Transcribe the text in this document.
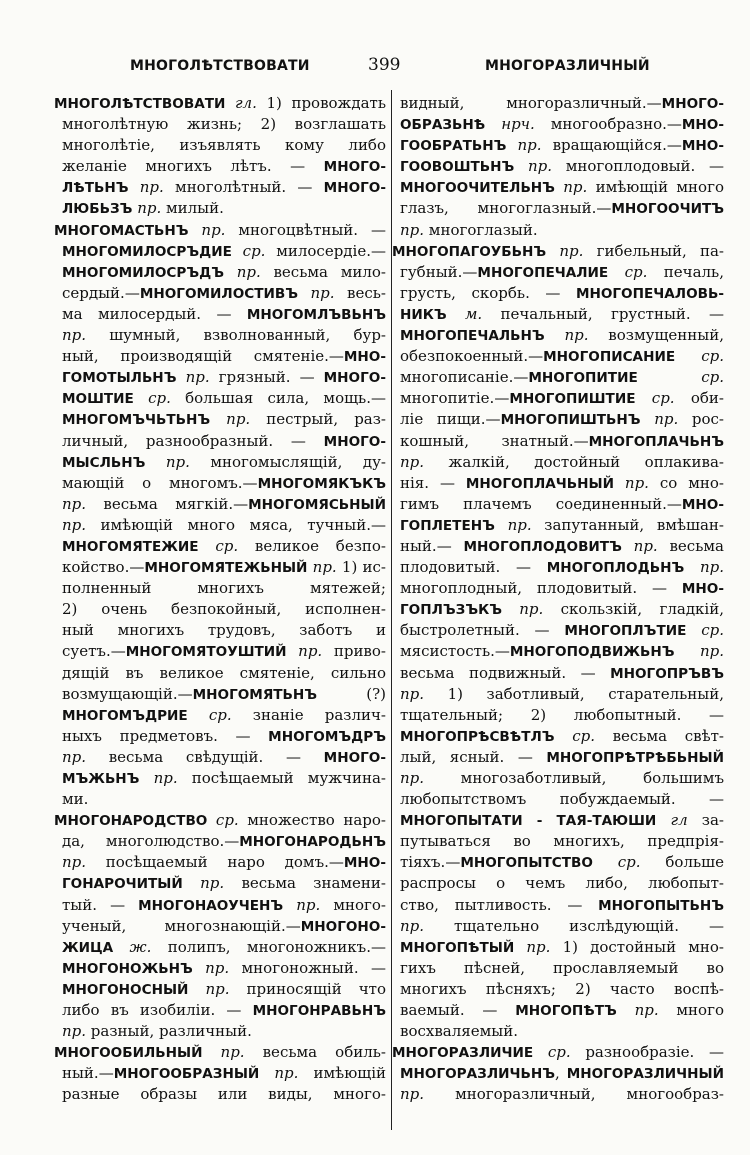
МНОГОЛѢТСТВОВАТИ	399	МНОГОРАЗЛИЧНЫЙ
МНОГОЛѢТСТВОВАТИ гл. 1) провождать
многолѣтную жизнь; 2) возглашать
многолѣтіе, изъявлять кому либо
желаніе многихъ лѣтъ. — МНОГО-
ЛѢТЬНЪ пр. многолѣтный. — МНОГО-
ЛЮБЬЗЪ пр. милый.
МНОГОМАСТЬНЪ пр. многоцвѣтный. —
МНОГОМИЛОСРЪДИЕ ср. милосердіе.—
МНОГОМИЛОСРЪДЪ пр. весьма мило-
сердый.—МНОГОМИЛОСТИВЪ пр. весь-
ма милосердый. — МНОГОМЛЪВЬНЪ
пр. шумный, взволнованный, бур-
ный, производящій смятеніе.—МНО-
ГОМОТЫЛЬНЪ пр. грязный. — МНОГО-
МОШТИЕ ср. большая сила, мощь.—
МНОГОМЪЧЬТЬНЪ пр. пестрый, раз-
личный, разнообразный. — МНОГО-
МЫСЛЬНЪ пр. многомыслящій, ду-
мающій о многомъ.—МНОГОМЯКЪКЪ
пр. весьма мягкій.—МНОГОМЯСЬНЫЙ
пр. имѣющій много мяса, тучный.—
МНОГОМЯТЕЖИЕ ср. великое безпо-
койство.—МНОГОМЯТЕЖЬНЫЙ пр. 1) ис-
полненный многихъ мятежей;
2) очень безпокойный, исполнен-
ный многихъ трудовъ, заботъ и
суетъ.—МНОГОМЯТОУШТИЙ пр. приво-
дящій въ великое смятеніе, сильно
возмущающій.—МНОГОМЯТЬНЪ (?)
МНОГОМЪДРИЕ ср. знаніе различ-
ныхъ предметовъ. — МНОГОМЪДРЪ
пр. весьма свѣдущій. — МНОГО-
МЪЖЬНЪ пр. посѣщаемый мужчина-
ми.
МНОГОНАРОДСТВО ср. множество наро-
да, многолюдство.—МНОГОНАРОДЬНЪ
пр. посѣщаемый наро домъ.—МНО-
ГОНАРОЧИТЫЙ пр. весьма знамени-
тый. — МНОГОНАОУЧЕНЪ пр. много-
ученый, многознающій.—МНОГОНО-
ЖИЦА ж. полипъ, многоножникъ.—
МНОГОНОЖЬНЪ пр. многоножный. —
МНОГОНОСНЫЙ пр. приносящій что
либо въ изобиліи. — МНОГОНРАВЬНЪ
пр. разный, различный.
МНОГООБИЛЬНЫЙ пр. весьма обиль-
ный.—МНОГООБРАЗНЫЙ пр. имѣющій
разные образы или виды, много-
видный, многоразличный.—МНОГО-
ОБРАЗЬНѢ нрч. многообразно.—МНО-
ГООБРАТЬНЪ пр. вращающійся.—МНО-
ГООВОШТЬНЪ пр. многоплодовый. —
МНОГООЧИТЕЛЬНЪ пр. имѣющій много
глазъ, многоглазный.—МНОГООЧИТЪ
пр. многоглазый.
МНОГОПАГОУБЬНЪ пр. гибельный, па-
губный.—МНОГОПЕЧАЛИЕ ср. печаль,
грусть, скорбь. — МНОГОПЕЧАЛОВЬ-
НИКЪ м. печальный, грустный. —
МНОГОПЕЧАЛЬНЪ пр. возмущенный,
обезпокоенный.—МНОГОПИСАНИЕ ср.
многописаніе.—МНОГОПИТИЕ	ср.
многопитіе.—МНОГОПИШТИЕ ср. оби-
ліе пищи.—МНОГОПИШТЬНЪ пр. рос-
кошный, знатный.—МНОГОПЛАЧЬНЪ
пр. жалкій, достойный оплакива-
нія. — МНОГОПЛАЧЬНЫЙ пр. со мно-
гимъ плачемъ соединенный.—МНО-
ГОПЛЕТЕНЪ пр. запутанный, вмѣшан-
ный.— МНОГОПЛОДОВИТЪ пр. весьма
плодовитый. — МНОГОПЛОДЬНЪ пр.
многоплодный, плодовитый. — МНО-
ГОПЛЪЗЪКЪ пр. скользкій, гладкій,
быстролетный. — МНОГОПЛЪТИЕ ср.
мясистость.—МНОГОПОДВИЖЬНЪ пр.
весьма подвижный. — МНОГОПРЪВЪ
пр. 1) заботливый, старательный,
тщательный; 2) любопытный. —
МНОГОПРѢСВѢТЛЪ ср. весьма свѣт-
лый, ясный. — МНОГОПРѢТРѢБЬНЫЙ
пр. многозаботливый, большимъ
любопытствомъ побуждаемый. —
МНОГОПЫТАТИ - ТАЯ-ТАЮШИ гл за-
путываться во многихъ, предпрія-
тіяхъ.—МНОГОПЫТСТВО ср. больше
распросы о чемъ либо, любопыт-
ство, пытливость. — МНОГОПЫТЬНЪ
пр. тщательно изслѣдующій. —
МНОГОПѢТЫЙ пр. 1) достойный мно-
гихъ пѣсней, прославляемый во
многихъ пѣсняхъ; 2) часто воспѣ-
ваемый. — МНОГОПѢТЪ пр. много
восхваляемый.
МНОГОРАЗЛИЧИЕ ср. разнообразіе. —
МНОГОРАЗЛИЧЬНЪ, МНОГОРАЗЛИЧНЫЙ
пр. многоразличный, многообраз-
